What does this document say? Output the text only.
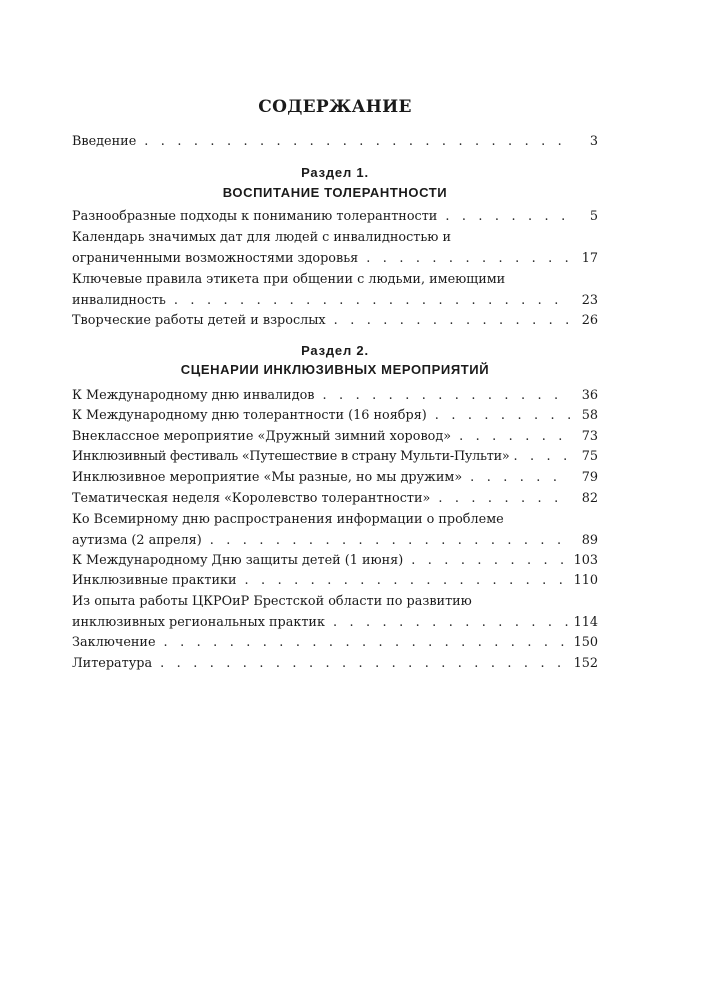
СОДЕРЖАНИЕ
Введение . . .	3
Раздел 1.
ВОСПИТАНИЕ ТОЛЕРАНТНОСТИ
Разнообразные подходы к пониманию толерантности . . .	5
Календарь значимых дат для людей с инвалидностью и
ограниченными возможностями здоровья . . .	17
Ключевые правила этикета при общении с людьми, имеющими
инвалидность . . .	23
Творческие работы детей и взрослых . . .	26
Раздел 2.
СЦЕНАРИИ ИНКЛЮЗИВНЫХ МЕРОПРИЯТИЙ
К Международному дню инвалидов . . .	36
К Международному дню толерантности (16 ноября) . . .	58
Внеклассное мероприятие «Дружный зимний хоровод» . . .	73
Инклюзивный фестиваль «Путешествие в страну Мульти-Пульти» . . .	75
Инклюзивное мероприятие «Мы разные, но мы дружим» . . .	79
Тематическая неделя «Королевство толерантности» . . .	82
Ко Всемирному дню распространения информации о проблеме
аутизма (2 апреля) . . .	89
К Международному Дню защиты детей (1 июня) . . .	103
Инклюзивные практики . . .	110
Из опыта работы ЦКРОиР Брестской области по развитию
инклюзивных региональных практик . . .	114
Заключение . . .	150
Литература . . .	152
